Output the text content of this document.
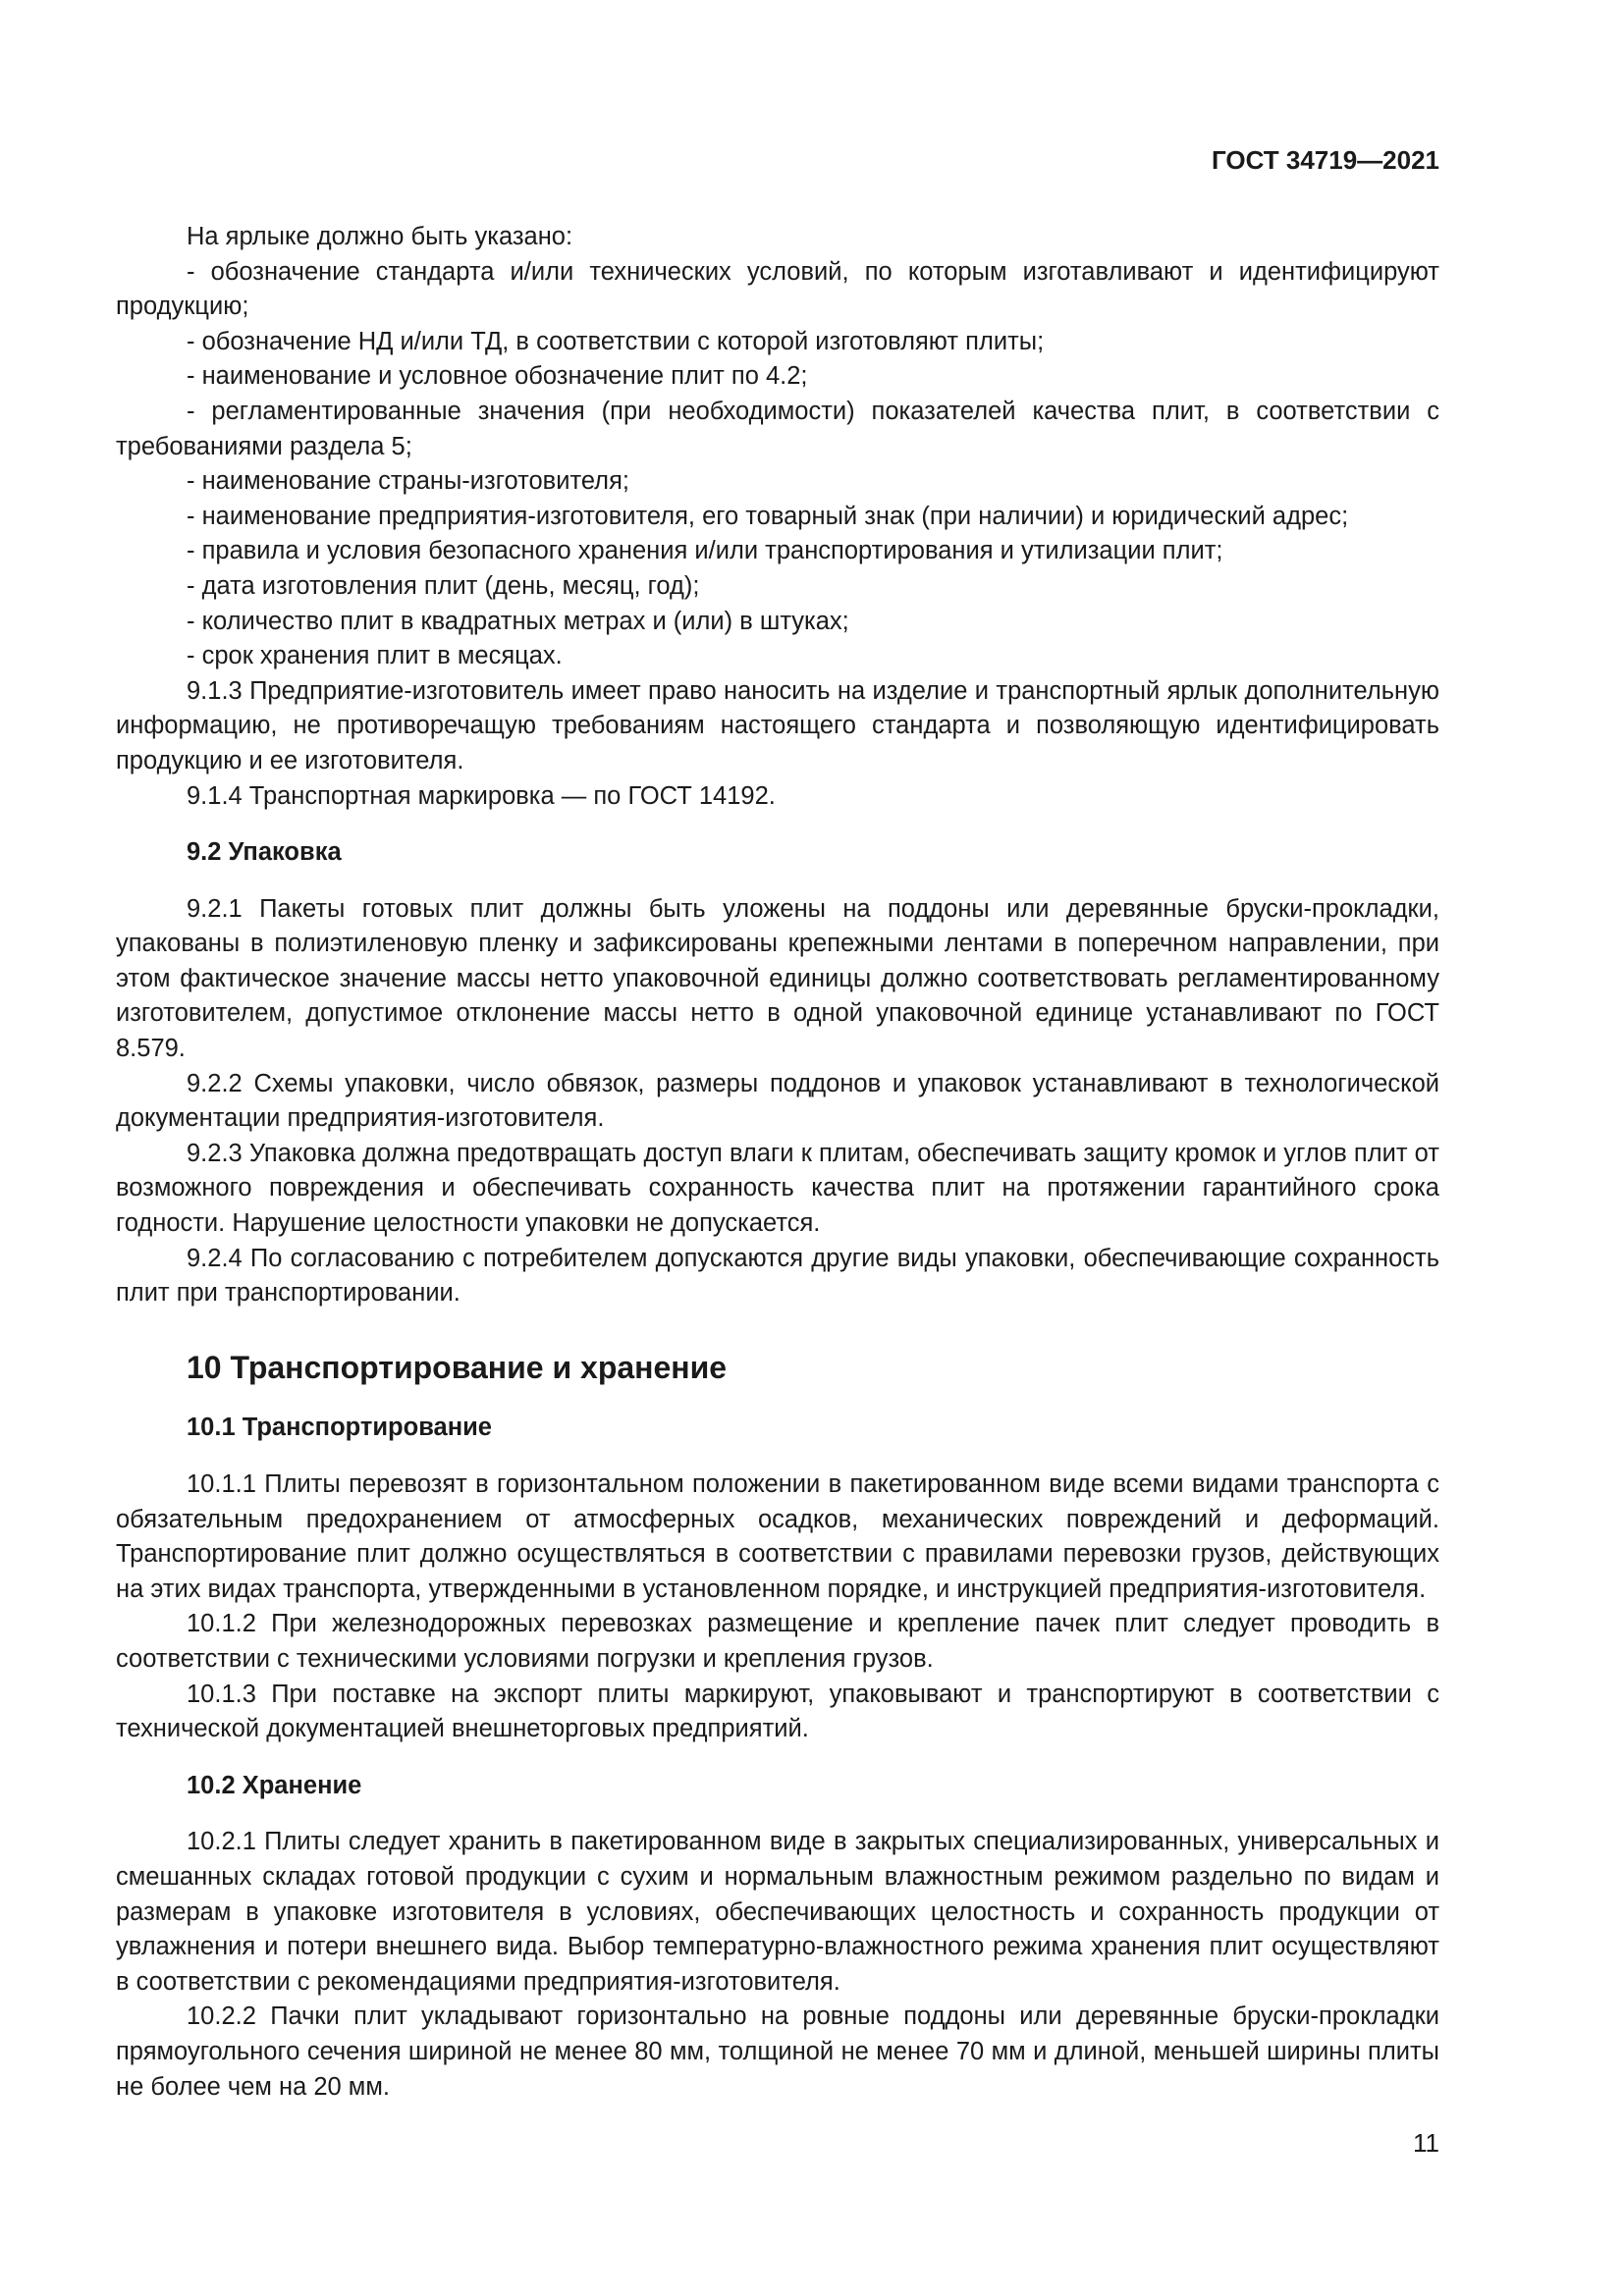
ГОСТ 34719—2021

На ярлыке должно быть указано:

- обозначение стандарта и/или технических условий, по которым изготавливают и идентифицируют продукцию;

- обозначение НД и/или ТД, в соответствии с которой изготовляют плиты;

- наименование и условное обозначение плит по 4.2;

- регламентированные значения (при необходимости) показателей качества плит, в соответствии с требованиями раздела 5;

- наименование страны-изготовителя;

- наименование предприятия-изготовителя, его товарный знак (при наличии) и юридический адрес;

- правила и условия безопасного хранения и/или транспортирования и утилизации плит;

- дата изготовления плит (день, месяц, год);

- количество плит в квадратных метрах и (или) в штуках;

- срок хранения плит в месяцах.

9.1.3 Предприятие-изготовитель имеет право наносить на изделие и транспортный ярлык дополнительную информацию, не противоречащую требованиям настоящего стандарта и позволяющую идентифицировать продукцию и ее изготовителя.

9.1.4 Транспортная маркировка — по ГОСТ 14192.

9.2 Упаковка

9.2.1 Пакеты готовых плит должны быть уложены на поддоны или деревянные бруски-прокладки, упакованы в полиэтиленовую пленку и зафиксированы крепежными лентами в поперечном направлении, при этом фактическое значение массы нетто упаковочной единицы должно соответствовать регламентированному изготовителем, допустимое отклонение массы нетто в одной упаковочной единице устанавливают по ГОСТ 8.579.

9.2.2 Схемы упаковки, число обвязок, размеры поддонов и упаковок устанавливают в технологической документации предприятия-изготовителя.

9.2.3 Упаковка должна предотвращать доступ влаги к плитам, обеспечивать защиту кромок и углов плит от возможного повреждения и обеспечивать сохранность качества плит на протяжении гарантийного срока годности. Нарушение целостности упаковки не допускается.

9.2.4 По согласованию с потребителем допускаются другие виды упаковки, обеспечивающие сохранность плит при транспортировании.

10 Транспортирование и хранение
10.1 Транспортирование

10.1.1 Плиты перевозят в горизонтальном положении в пакетированном виде всеми видами транспорта с обязательным предохранением от атмосферных осадков, механических повреждений и деформаций. Транспортирование плит должно осуществляться в соответствии с правилами перевозки грузов, действующих на этих видах транспорта, утвержденными в установленном порядке, и инструкцией предприятия-изготовителя.

10.1.2 При железнодорожных перевозках размещение и крепление пачек плит следует проводить в соответствии с техническими условиями погрузки и крепления грузов.

10.1.3 При поставке на экспорт плиты маркируют, упаковывают и транспортируют в соответствии с технической документацией внешнеторговых предприятий.

10.2 Хранение

10.2.1 Плиты следует хранить в пакетированном виде в закрытых специализированных, универсальных и смешанных складах готовой продукции с сухим и нормальным влажностным режимом раздельно по видам и размерам в упаковке изготовителя в условиях, обеспечивающих целостность и сохранность продукции от увлажнения и потери внешнего вида. Выбор температурно-влажностного режима хранения плит осуществляют в соответствии с рекомендациями предприятия-изготовителя.

10.2.2 Пачки плит укладывают горизонтально на ровные поддоны или деревянные бруски-прокладки прямоугольного сечения шириной не менее 80 мм, толщиной не менее 70 мм и длиной, меньшей ширины плиты не более чем на 20 мм.

11
